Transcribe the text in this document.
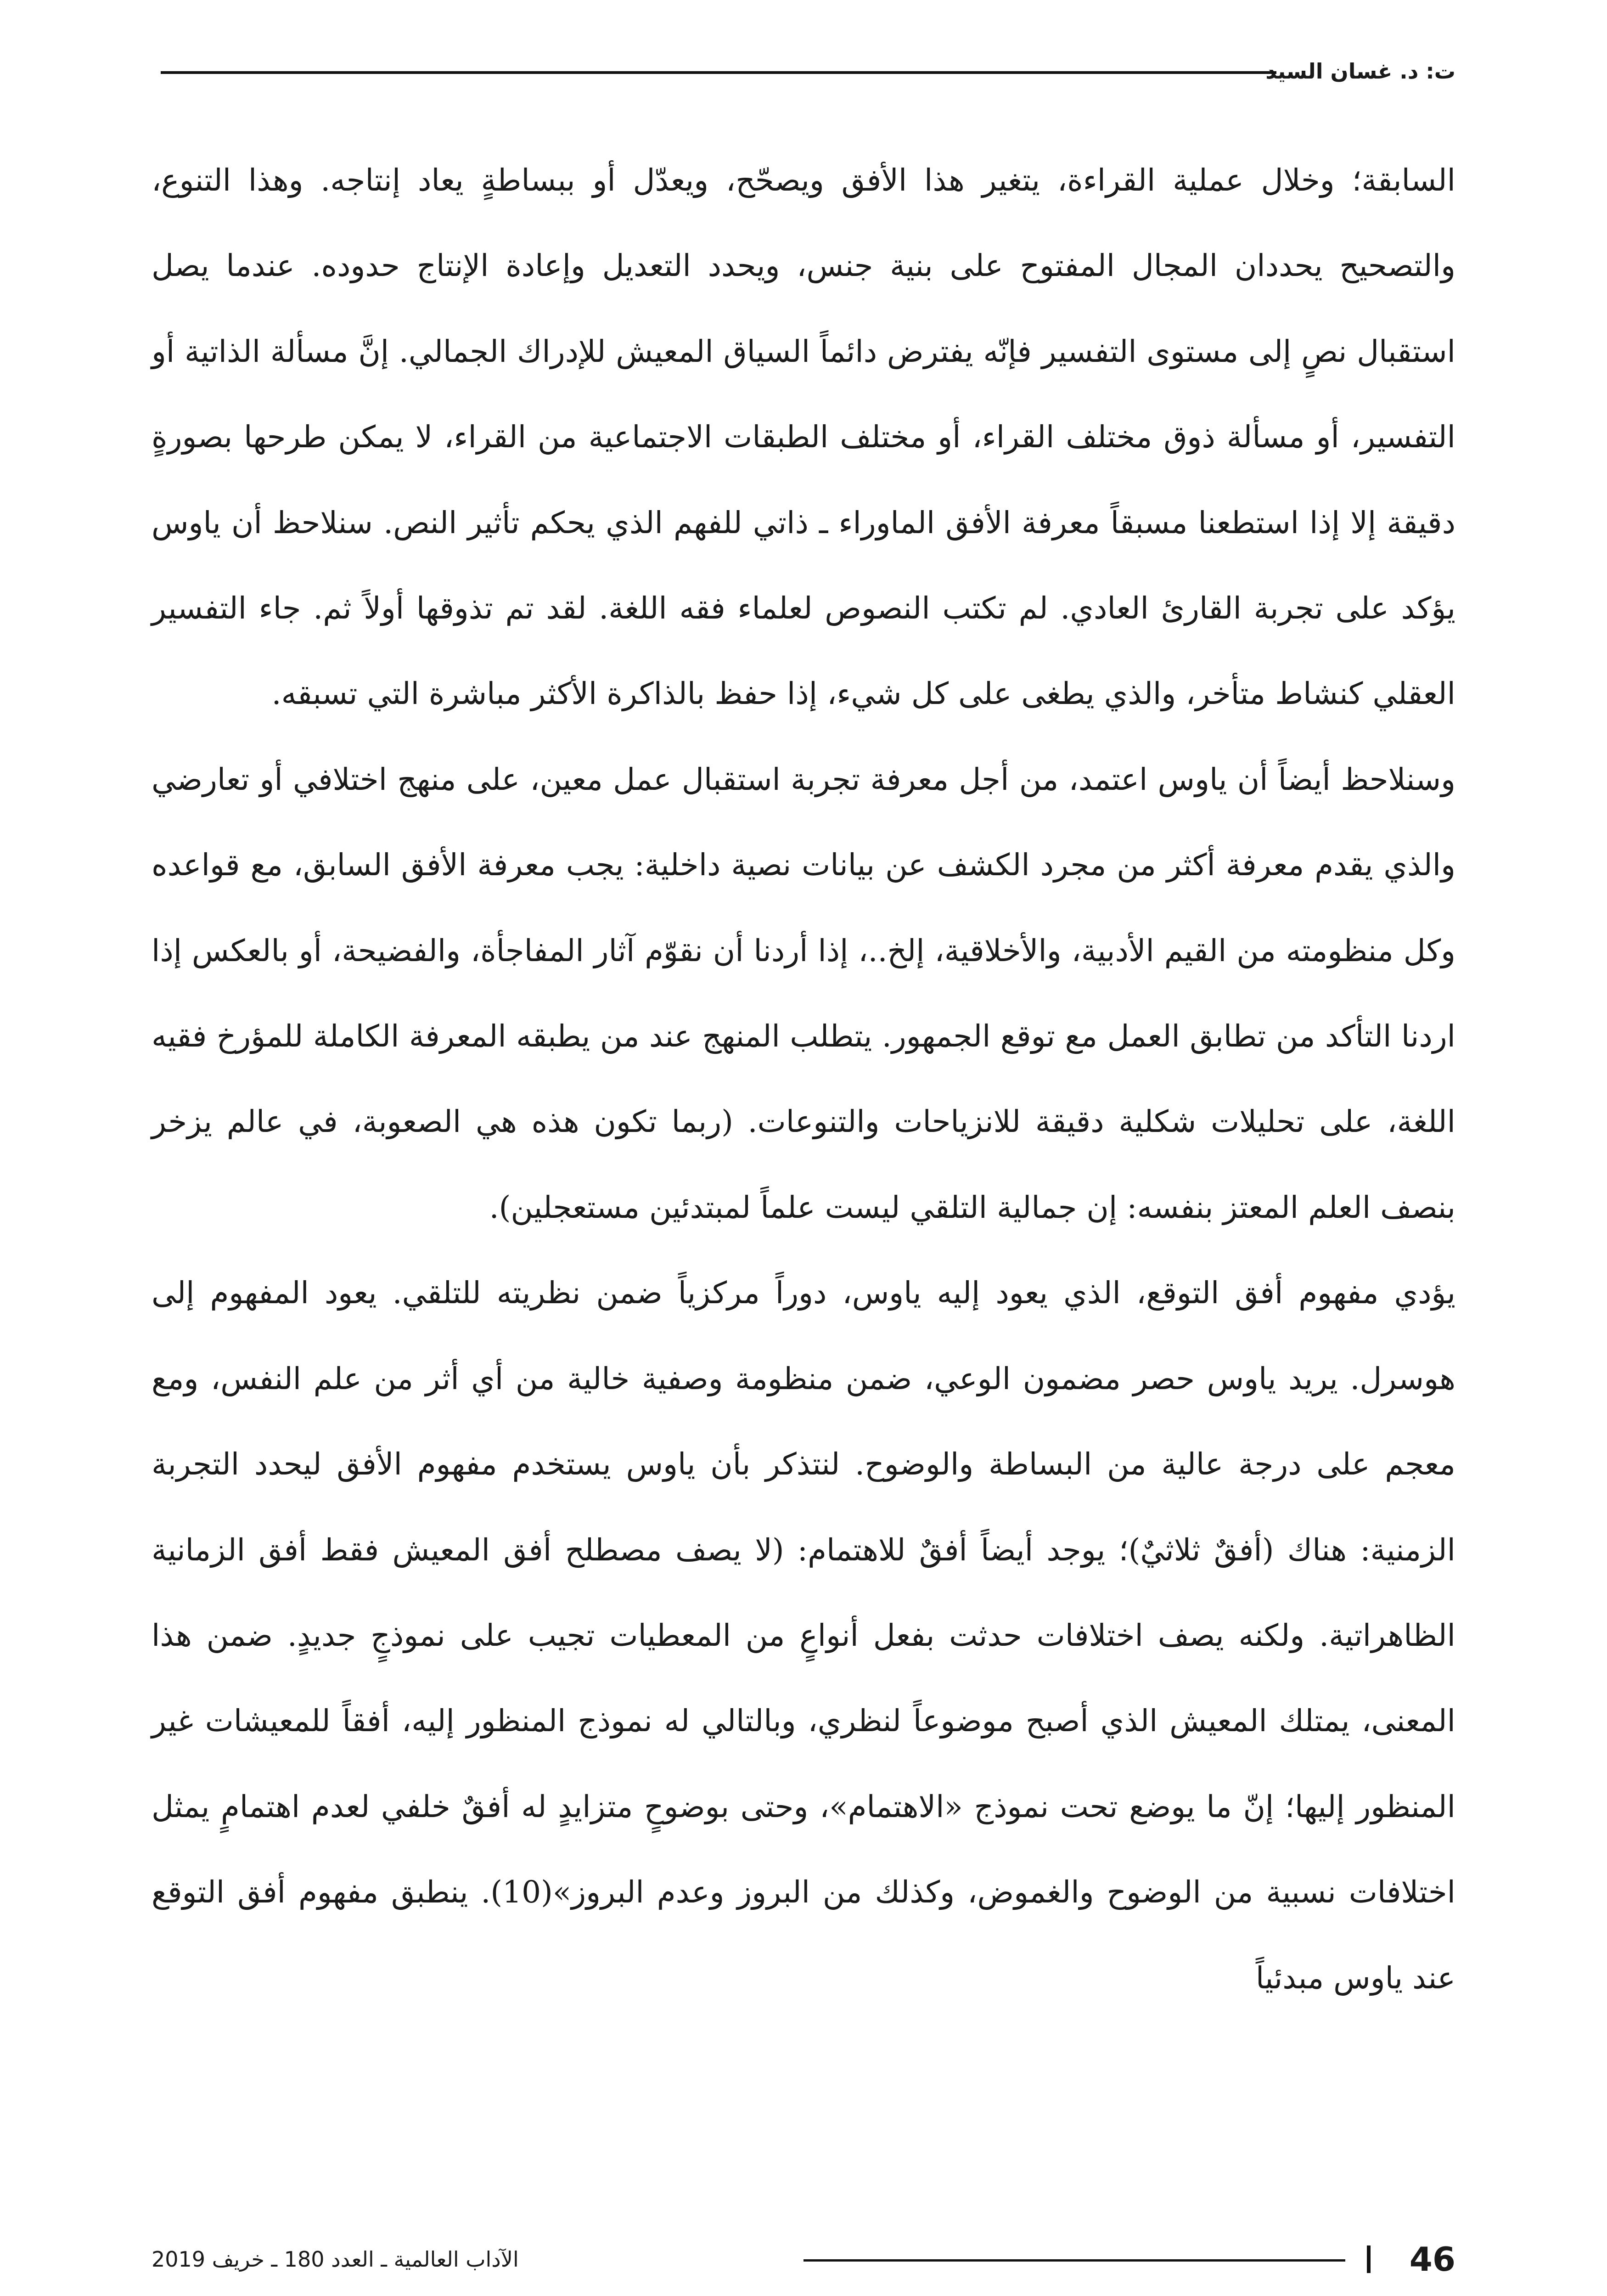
ت: د. غسان السيد

السابقة؛ وخلال عملية القراءة، يتغير هذا الأفق ويصحّح، ويعدّل أو ببساطةٍ يعاد إنتاجه. وهذا التنوع، والتصحيح يحددان المجال المفتوح على بنية جنس، ويحدد التعديل وإعادة الإنتاج حدوده. عندما يصل استقبال نصٍ إلى مستوى التفسير فإنّه يفترض دائماً السياق المعيش للإدراك الجمالي. إنَّ مسألة الذاتية أو التفسير، أو مسألة ذوق مختلف القراء، أو مختلف الطبقات الاجتماعية من القراء، لا يمكن طرحها بصورةٍ دقيقة إلا إذا استطعنا مسبقاً معرفة الأفق الماوراء ـ ذاتي للفهم الذي يحكم تأثير النص. سنلاحظ أن ياوس يؤكد على تجربة القارئ العادي. لم تكتب النصوص لعلماء فقه اللغة. لقد تم تذوقها أولاً ثم. جاء التفسير العقلي كنشاط متأخر، والذي يطغى على كل شيء، إذا حفظ بالذاكرة الأكثر مباشرة التي تسبقه.

وسنلاحظ أيضاً أن ياوس اعتمد، من أجل معرفة تجربة استقبال عمل معين، على منهج اختلافي أو تعارضي والذي يقدم معرفة أكثر من مجرد الكشف عن بيانات نصية داخلية: يجب معرفة الأفق السابق، مع قواعده وكل منظومته من القيم الأدبية، والأخلاقية، إلخ..، إذا أردنا أن نقوّم آثار المفاجأة، والفضيحة، أو بالعكس إذا اردنا التأكد من تطابق العمل مع توقع الجمهور. يتطلب المنهج عند من يطبقه المعرفة الكاملة للمؤرخ فقيه اللغة، على تحليلات شكلية دقيقة للانزياحات والتنوعات. (ربما تكون هذه هي الصعوبة، في عالم يزخر بنصف العلم المعتز بنفسه: إن جمالية التلقي ليست علماً لمبتدئين مستعجلين).

يؤدي مفهوم أفق التوقع، الذي يعود إليه ياوس، دوراً مركزياً ضمن نظريته للتلقي. يعود المفهوم إلى هوسرل. يريد ياوس حصر مضمون الوعي، ضمن منظومة وصفية خالية من أي أثر من علم النفس، ومع معجم على درجة عالية من البساطة والوضوح. لنتذكر بأن ياوس يستخدم مفهوم الأفق ليحدد التجربة الزمنية: هناك (أفقٌ ثلاثيٌ)؛ يوجد أيضاً أفقٌ للاهتمام: (لا يصف مصطلح أفق المعيش فقط أفق الزمانية الظاهراتية. ولكنه يصف اختلافات حدثت بفعل أنواعٍ من المعطيات تجيب على نموذجٍ جديدٍ. ضمن هذا المعنى، يمتلك المعيش الذي أصبح موضوعاً لنظري، وبالتالي له نموذج المنظور إليه، أفقاً للمعيشات غير المنظور إليها؛ إنّ ما يوضع تحت نموذج «الاهتمام»، وحتى بوضوحٍ متزايدٍ له أفقٌ خلفي لعدم اهتمامٍ يمثل اختلافات نسبية من الوضوح والغموض، وكذلك من البروز وعدم البروز»(10). ينطبق مفهوم أفق التوقع عند ياوس مبدئياً

46
الآداب العالمية ـ العدد 180 ـ خريف 2019
